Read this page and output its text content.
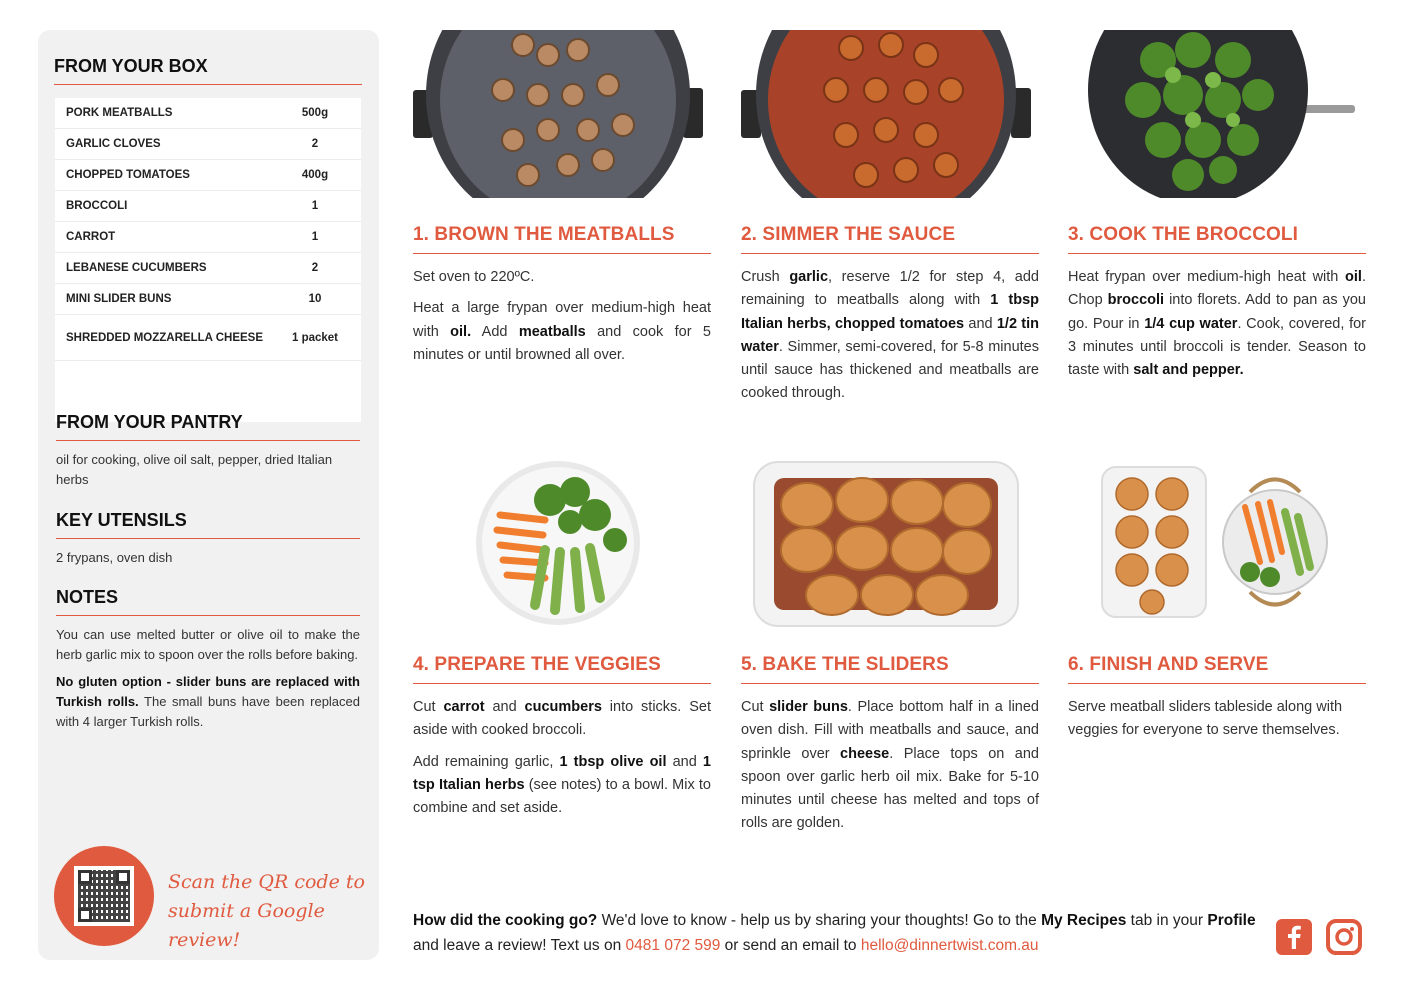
FROM YOUR BOX
PORK MEATBALLS	500g
GARLIC CLOVES	2
CHOPPED TOMATOES	400g
BROCCOLI	1
CARROT	1
LEBANESE CUCUMBERS	2
MINI SLIDER BUNS	10
SHREDDED MOZZARELLA CHEESE	1 packet
FROM YOUR PANTRY
oil for cooking, olive oil salt, pepper, dried Italian herbs
KEY UTENSILS
2 frypans, oven dish
NOTES
You can use melted butter or olive oil to make the herb garlic mix to spoon over the rolls before baking.
No gluten option - slider buns are replaced with Turkish rolls. The small buns have been replaced with 4 larger Turkish rolls.
Scan the QR code to
submit a Google review!
1. BROWN THE MEATBALLS
Set oven to 220ºC.
Heat a large frypan over medium-high heat with oil. Add meatballs and cook for 5 minutes or until browned all over.
2. SIMMER THE SAUCE
Crush garlic, reserve 1/2 for step 4, add remaining to meatballs along with 1 tbsp Italian herbs, chopped tomatoes and 1/2 tin water. Simmer, semi-covered, for 5-8 minutes until sauce has thickened and meatballs are cooked through.
3. COOK THE BROCCOLI
Heat frypan over medium-high heat with oil. Chop broccoli into florets. Add to pan as you go. Pour in 1/4 cup water. Cook, covered, for 3 minutes until broccoli is tender. Season to taste with salt and pepper.
4. PREPARE THE VEGGIES
Cut carrot and cucumbers into sticks. Set aside with cooked broccoli.
Add remaining garlic, 1 tbsp olive oil and 1 tsp Italian herbs (see notes) to a bowl. Mix to combine and set aside.
5. BAKE THE SLIDERS
Cut slider buns. Place bottom half in a lined oven dish. Fill with meatballs and sauce, and sprinkle over cheese. Place tops on and spoon over garlic herb oil mix. Bake for 5-10 minutes until cheese has melted and tops of rolls are golden.
6. FINISH AND SERVE
Serve meatball sliders tableside along with veggies for everyone to serve themselves.
How did the cooking go? We'd love to know - help us by sharing your thoughts! Go to the My Recipes tab in your Profile and leave a review! Text us on 0481 072 599 or send an email to hello@dinnertwist.com.au
